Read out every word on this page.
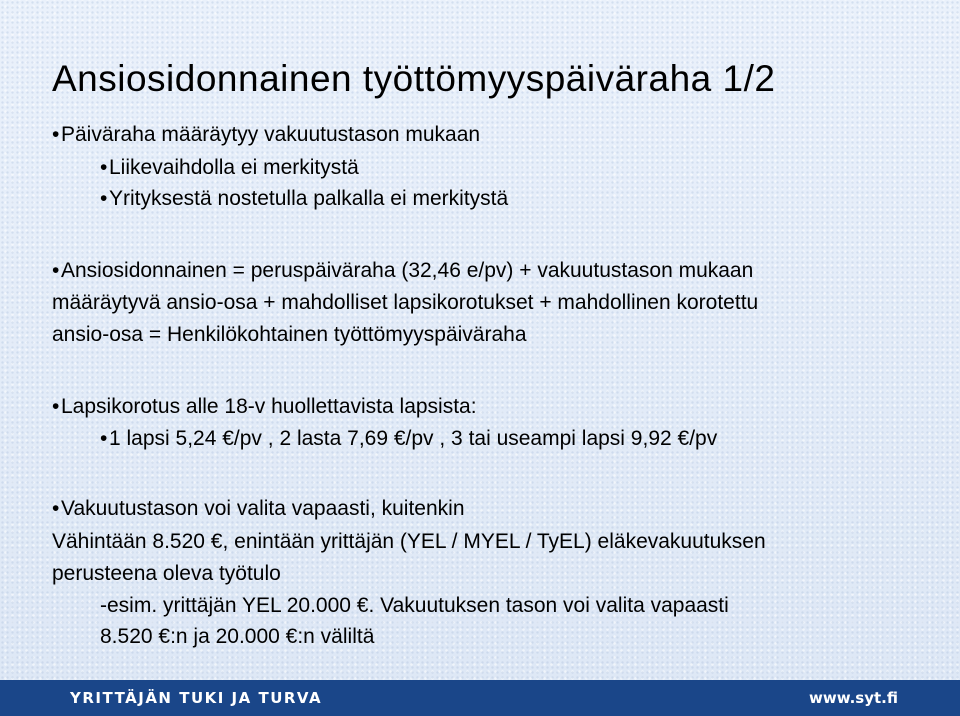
Ansiosidonnainen työttömyyspäiväraha 1/2
•Päiväraha määräytyy vakuutustason mukaan
•Liikevaihdolla ei merkitystä
•Yrityksestä nostetulla palkalla ei merkitystä
•Ansiosidonnainen = peruspäiväraha (32,46 e/pv) + vakuutustason mukaan
määräytyvä ansio-osa + mahdolliset lapsikorotukset + mahdollinen korotettu
ansio-osa = Henkilökohtainen työttömyyspäiväraha
•Lapsikorotus alle 18-v huollettavista lapsista:
•1 lapsi 5,24 €/pv , 2 lasta 7,69 €/pv , 3 tai useampi lapsi 9,92 €/pv
•Vakuutustason voi valita vapaasti, kuitenkin
Vähintään 8.520 €, enintään yrittäjän (YEL / MYEL / TyEL) eläkevakuutuksen
perusteena oleva työtulo
-esim. yrittäjän YEL 20.000 €. Vakuutuksen tason voi valita vapaasti
8.520 €:n ja 20.000 €:n väliltä
YRITTÄJÄN TUKI JA TURVA	www.syt.fi
